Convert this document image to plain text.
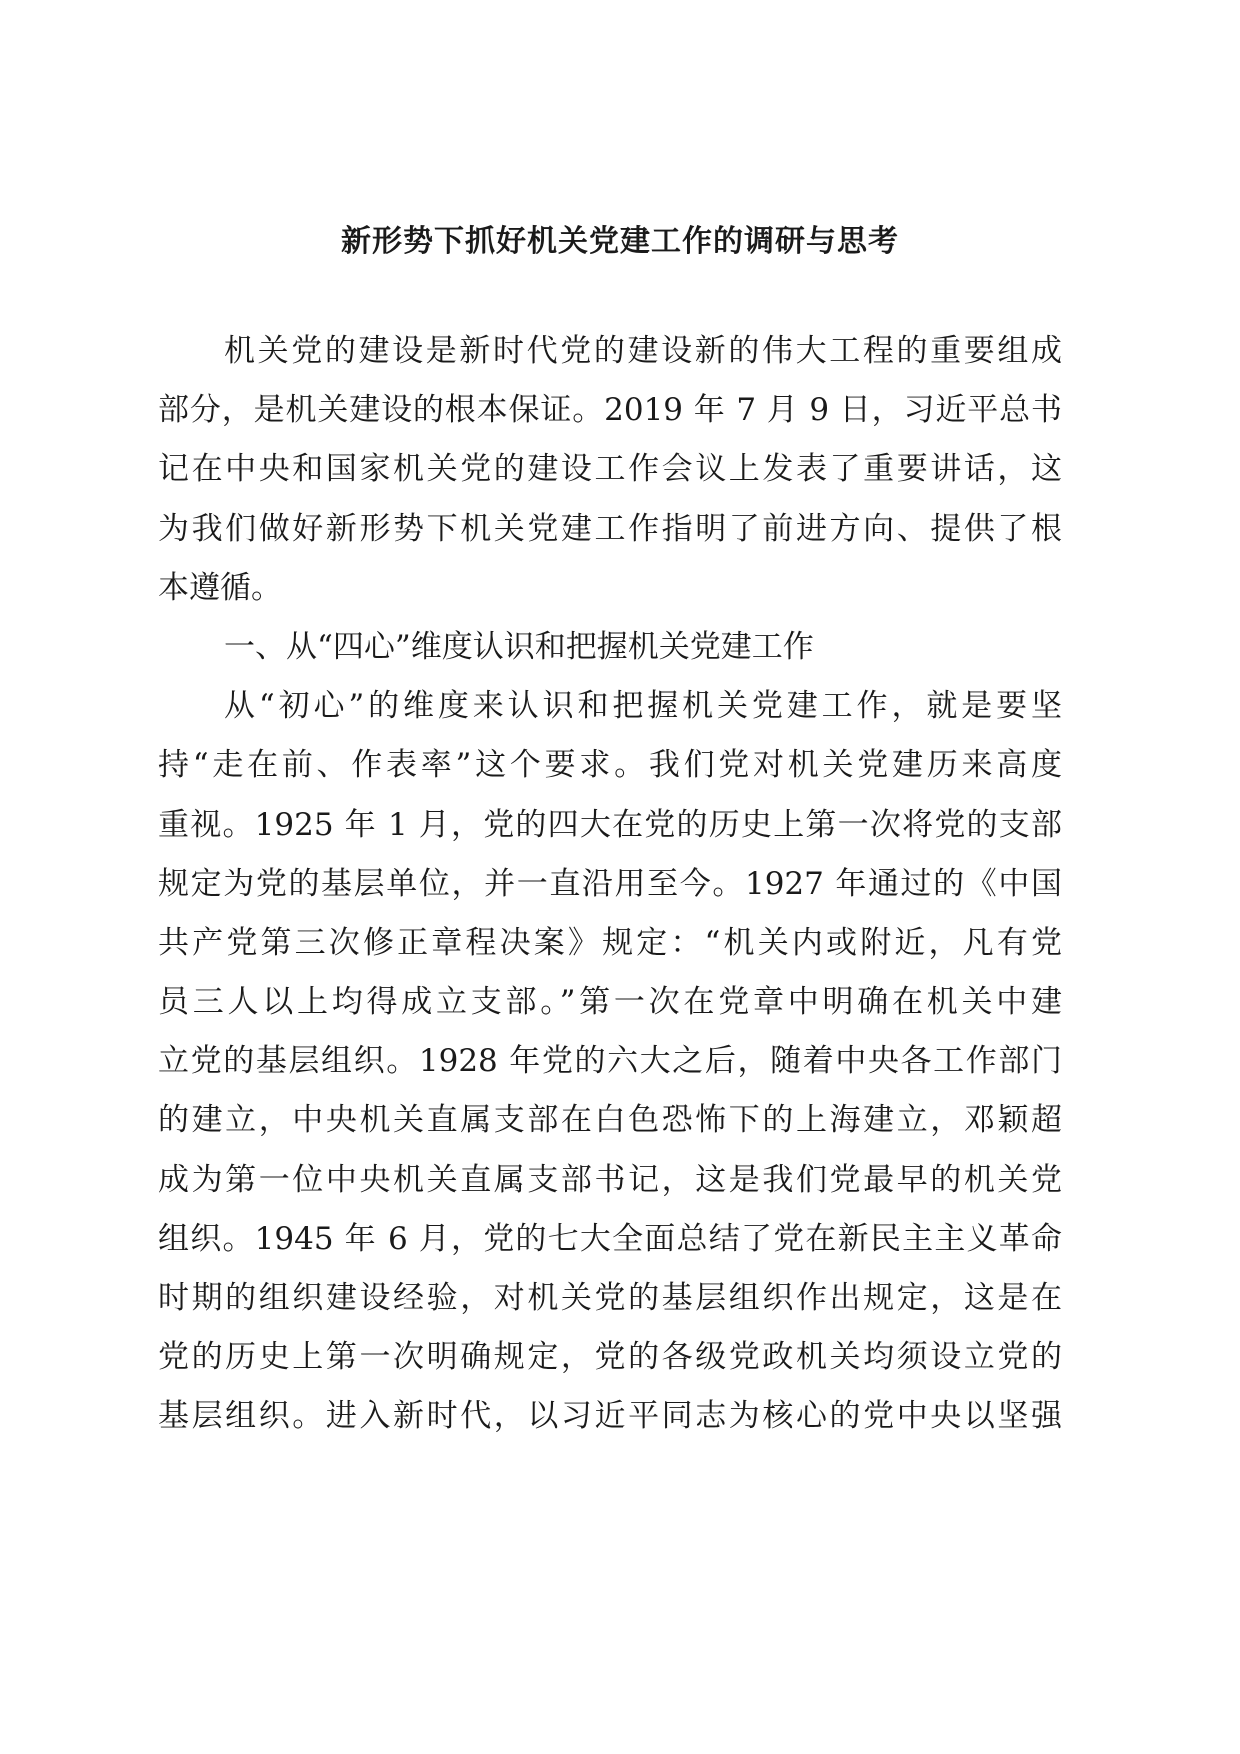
新形势下抓好机关党建工作的调研与思考
机关党的建设是新时代党的建设新的伟大工程的重要组成
部分，是机关建设的根本保证。2019 年 7 月 9 日，习近平总书
记在中央和国家机关党的建设工作会议上发表了重要讲话，这
为我们做好新形势下机关党建工作指明了前进方向、提供了根
本遵循。
一、从“四心”维度认识和把握机关党建工作
从“初心”的维度来认识和把握机关党建工作，就是要坚
持“走在前、作表率”这个要求。我们党对机关党建历来高度
重视。1925 年 1 月，党的四大在党的历史上第一次将党的支部
规定为党的基层单位，并一直沿用至今。1927 年通过的《中国
共产党第三次修正章程决案》规定：“机关内或附近，凡有党
员三人以上均得成立支部。”第一次在党章中明确在机关中建
立党的基层组织。1928 年党的六大之后，随着中央各工作部门
的建立，中央机关直属支部在白色恐怖下的上海建立，邓颖超
成为第一位中央机关直属支部书记，这是我们党最早的机关党
组织。1945 年 6 月，党的七大全面总结了党在新民主主义革命
时期的组织建设经验，对机关党的基层组织作出规定，这是在
党的历史上第一次明确规定，党的各级党政机关均须设立党的
基层组织。进入新时代，以习近平同志为核心的党中央以坚强
